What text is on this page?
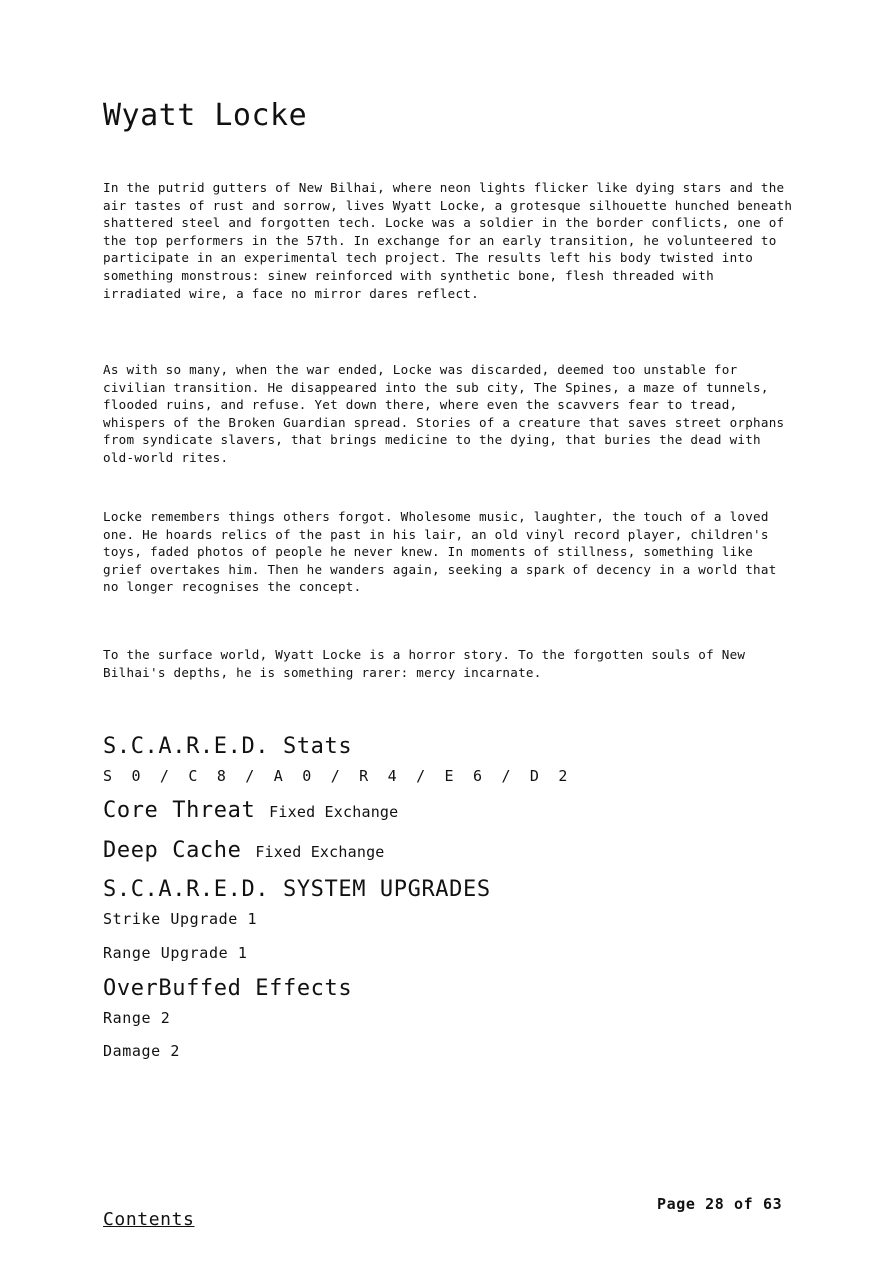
Wyatt Locke

In the putrid gutters of New Bilhai, where neon lights flicker like dying stars and the air tastes of rust and sorrow, lives Wyatt Locke, a grotesque silhouette hunched beneath shattered steel and forgotten tech. Locke was a soldier in the border conflicts, one of the top performers in the 57th. In exchange for an early transition, he volunteered to participate in an experimental tech project. The results left his body twisted into something monstrous: sinew reinforced with synthetic bone, flesh threaded with irradiated wire, a face no mirror dares reflect.

As with so many, when the war ended, Locke was discarded, deemed too unstable for civilian transition. He disappeared into the sub city, The Spines, a maze of tunnels, flooded ruins, and refuse. Yet down there, where even the scavvers fear to tread, whispers of the Broken Guardian spread. Stories of a creature that saves street orphans from syndicate slavers, that brings medicine to the dying, that buries the dead with old-world rites.

Locke remembers things others forgot. Wholesome music, laughter, the touch of a loved one. He hoards relics of the past in his lair, an old vinyl record player, children's toys, faded photos of people he never knew. In moments of stillness, something like grief overtakes him. Then he wanders again, seeking a spark of decency in a world that no longer recognises the concept.

To the surface world, Wyatt Locke is a horror story. To the forgotten souls of New Bilhai's depths, he is something rarer: mercy incarnate.

S.C.A.R.E.D. Stats
S 0 / C 8 / A 0 / R 4 / E 6 / D 2
Core Threat Fixed Exchange
Deep Cache Fixed Exchange
S.C.A.R.E.D. SYSTEM UPGRADES
Strike Upgrade 1
Range Upgrade 1
OverBuffed Effects
Range 2
Damage 2
Page 28 of 63
Contents
